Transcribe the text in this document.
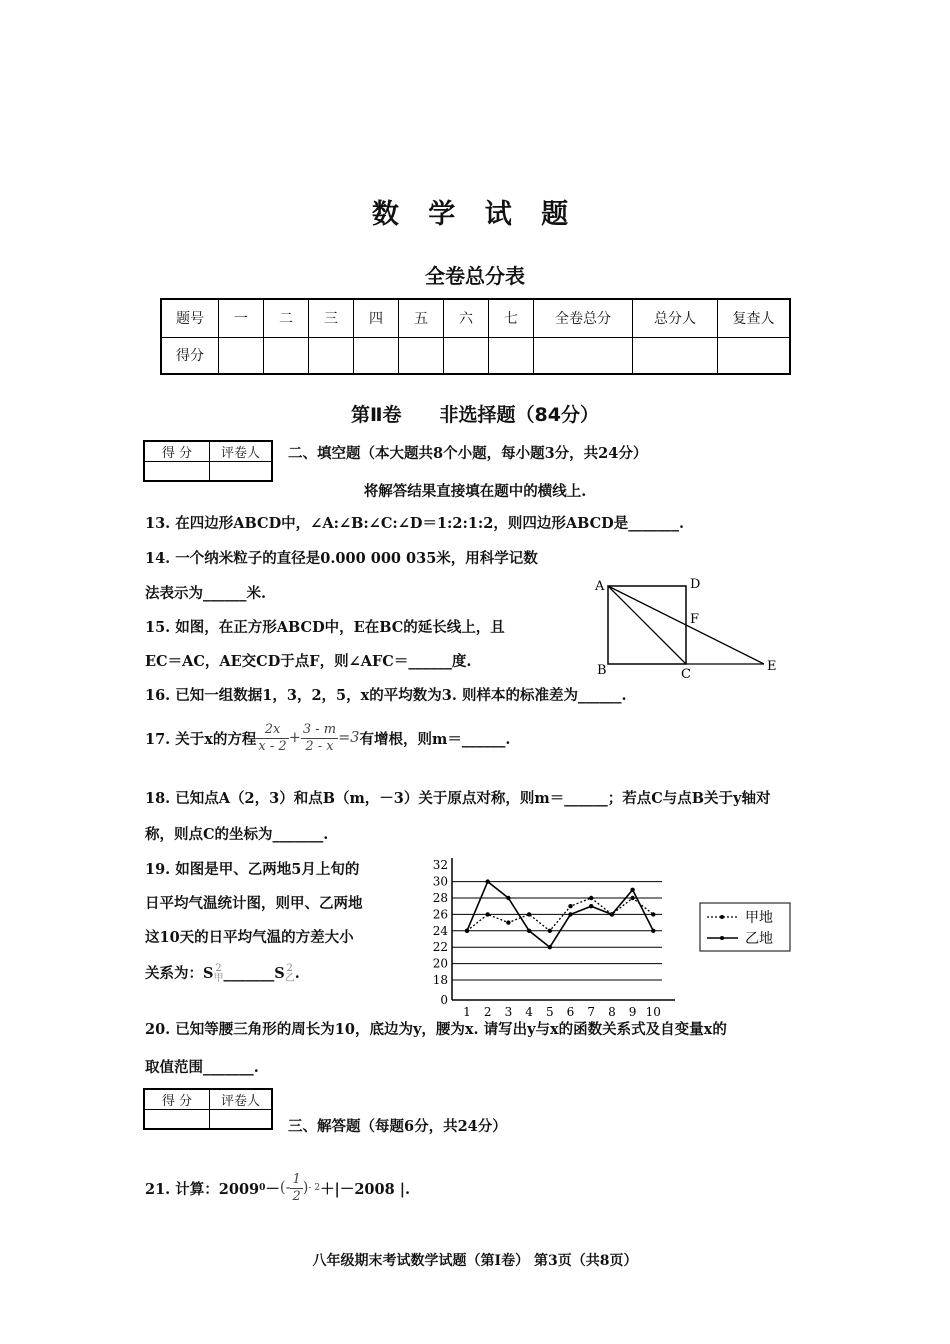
数 学 试 题
全卷总分表
题号	一	二	三	四	五	六	七	全卷总分	总分人	复查人
得分										
第Ⅱ卷　　非选择题（84分）
得 分	评卷人
	二、填空题（本大题共8个小题，每小题3分，共24分）
将解答结果直接填在题中的横线上.
13. 在四边形ABCD中，∠A:∠B:∠C:∠D＝1:2:1:2，则四边形ABCD是_______.
14. 一个纳米粒子的直径是0.000 000 035米，用科学记数
法表示为______米.
15. 如图，在正方形ABCD中，E在BC的延长线上，且
EC＝AC，AE交CD于点F，则∠AFC＝______度.
A	D
F
B	C
E
16. 已知一组数据1，3，2，5，x的平均数为3. 则样本的标准差为______.
17. 关于x的方程 $\frac{2x}{x - 2} + \frac{3 - m}{2 - x} =3$ 有增根，则m＝______.
18. 已知点A（2，3）和点B（m，－3）关于原点对称，则m＝______；若点C与点B关于y轴对
称，则点C的坐标为_______.
19. 如图是甲、乙两地5月上旬的
日平均气温统计图，则甲、乙两地
这10天的日平均气温的方差大小
关系为：S 2
甲 _______S 2
乙 .
0
18
20
22
24
26
28
30
32
1 2 3 4 5 6 7 8 9 10
甲地
乙地
20. 已知等腰三角形的周长为10，底边为y，腰为x. 请写出y与x的函数关系式及自变量x的
取值范围_______.
得 分	评卷人

三、解答题（每题6分，共24分）
21. 计算：2009 0 － (- $\frac{1}{2}$ ) - 2 ＋|－2008 |.
八年级期末考试数学试题（第Ⅰ卷） 第3页（共8页）
